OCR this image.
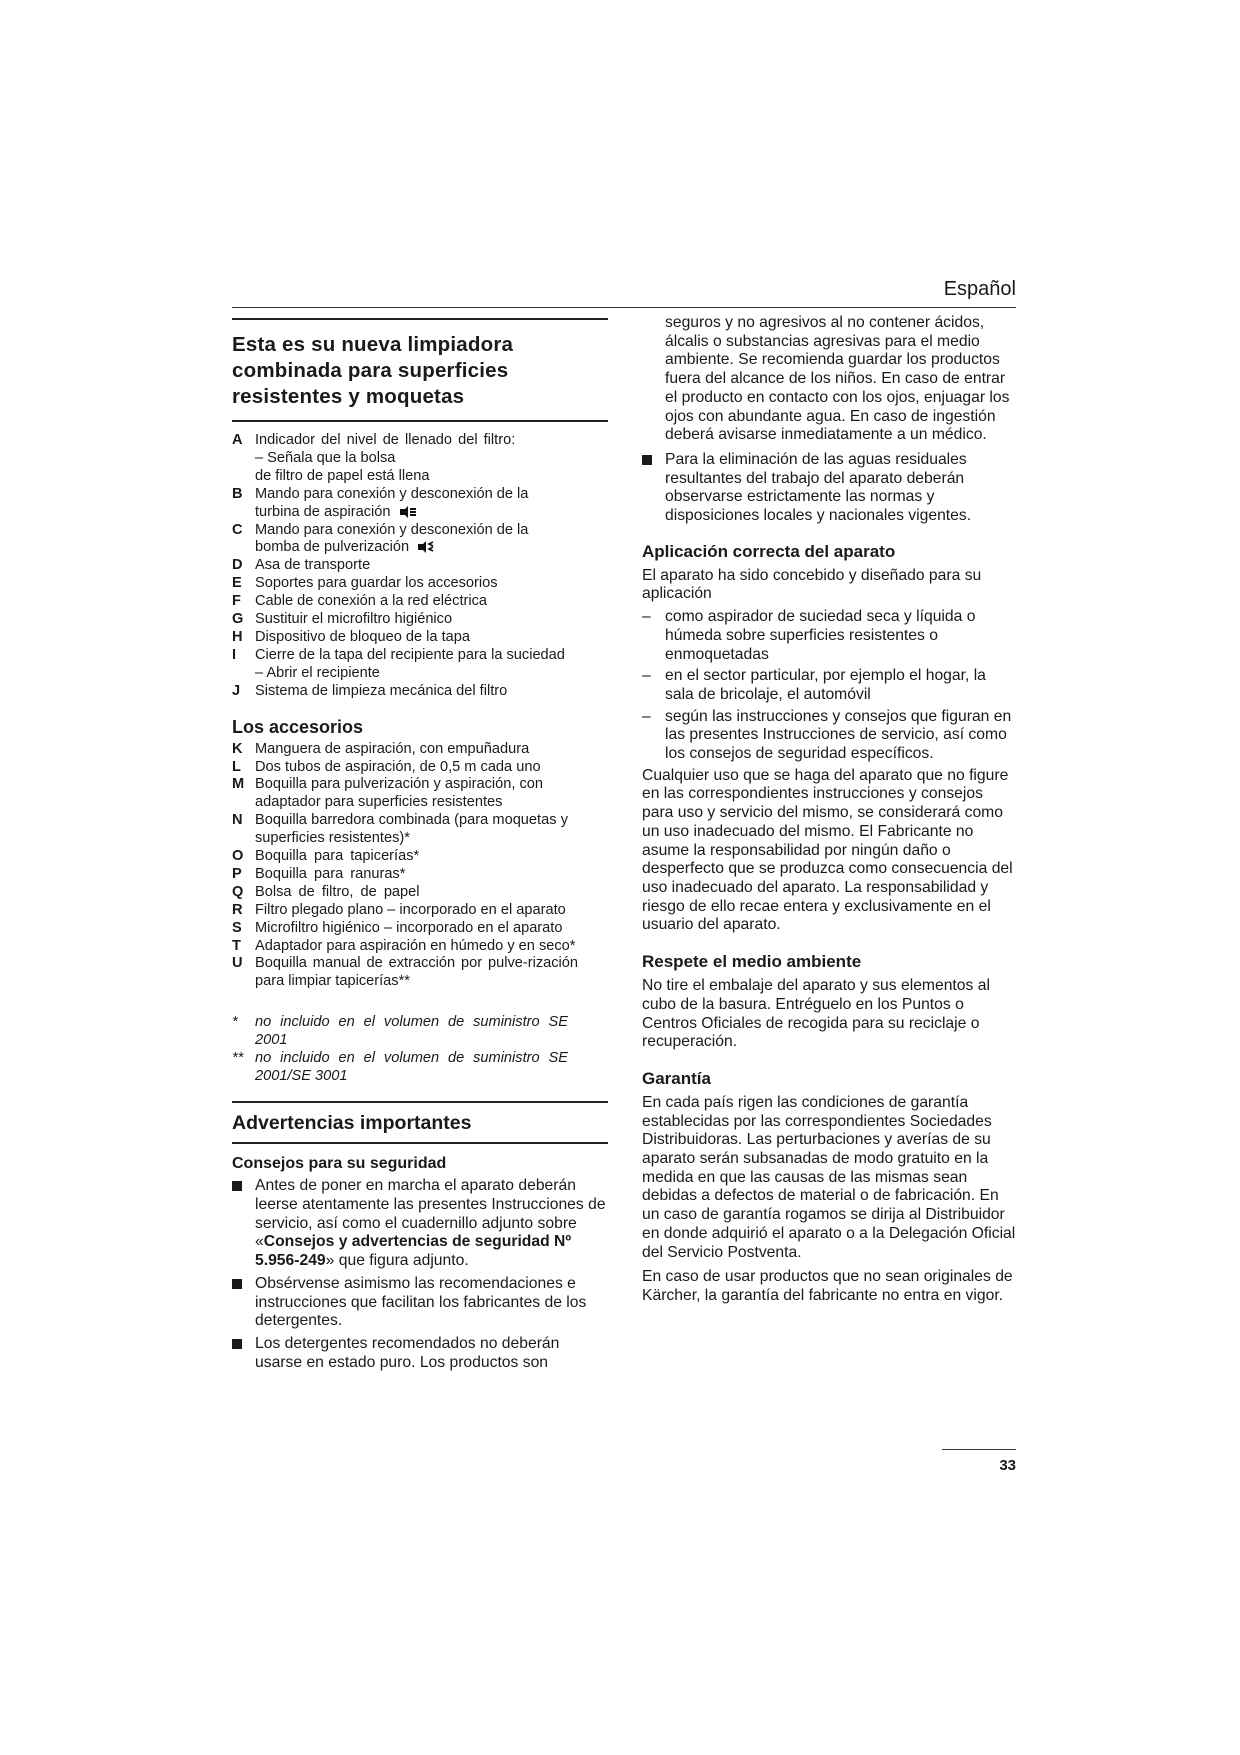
Español
Esta es su nueva limpiadora combinada para superficies resistentes y moquetas
A Indicador del nivel de llenado del filtro:
– Señala que la bolsa
de filtro de papel está llena
B Mando para conexión y desconexión de la
turbina de aspiración
C Mando para conexión y desconexión de la
bomba de pulverización
D Asa de transporte
E Soportes para guardar los accesorios
F Cable de conexión a la red eléctrica
G Sustituir el microfiltro higiénico
H Dispositivo de bloqueo de la tapa
I	Cierre de la tapa del recipiente para la suciedad
– Abrir el recipiente
J	Sistema de limpieza mecánica del filtro
Los accesorios
K Manguera de aspiración, con empuñadura
L Dos tubos de aspiración, de 0,5 m cada uno
M Boquilla para pulverización y aspiración, con adaptador para superficies resistentes
N Boquilla barredora combinada (para moquetas y superficies resistentes)*
O Boquilla para tapicerías*
P Boquilla para ranuras*
Q Bolsa de filtro, de papel
R Filtro plegado plano – incorporado en el aparato
S Microfiltro higiénico – incorporado en el aparato
T Adaptador para aspiración en húmedo y en seco*
U Boquilla manual de extracción por pulve-rización para limpiar tapicerías**
*	no incluido en el volumen de suministro SE 2001
** no incluido en el volumen de suministro SE 2001/SE 3001
Advertencias importantes
Consejos para su seguridad
Antes de poner en marcha el aparato deberán leerse atentamente las presentes Instrucciones de servicio, así como el cuadernillo adjunto sobre «Consejos y advertencias de seguridad Nº 5.956-249» que figura adjunto.
Obsérvense asimismo las recomendaciones e instrucciones que facilitan los fabricantes de los detergentes.
Los detergentes recomendados no deberán usarse en estado puro. Los productos son
seguros y no agresivos al no contener ácidos, álcalis o substancias agresivas para el medio ambiente. Se recomienda guardar los productos fuera del alcance de los niños. En caso de entrar el producto en contacto con los ojos, enjuagar los ojos con abundante agua. En caso de ingestión deberá avisarse inmediatamente a un médico.
Para la eliminación de las aguas residuales resultantes del trabajo del aparato deberán observarse estrictamente las normas y disposiciones locales y nacionales vigentes.
Aplicación correcta del aparato
El aparato ha sido concebido y diseñado para su aplicación
– como aspirador de suciedad seca y líquida o húmeda sobre superficies resistentes o enmoquetadas
– en el sector particular, por ejemplo el hogar, la sala de bricolaje, el automóvil
– según las instrucciones y consejos que figuran en las presentes Instrucciones de servicio, así como los consejos de seguridad específicos.
Cualquier uso que se haga del aparato que no figure en las correspondientes instrucciones y consejos para uso y servicio del mismo, se considerará como un uso inadecuado del mismo. El Fabricante no asume la responsabilidad por ningún daño o desperfecto que se produzca como consecuencia del uso inadecuado del aparato. La responsabilidad y riesgo de ello recae entera y exclusivamente en el usuario del aparato.
Respete el medio ambiente
No tire el embalaje del aparato y sus elementos al cubo de la basura. Entréguelo en los Puntos o Centros Oficiales de recogida para su reciclaje o recuperación.
Garantía
En cada país rigen las condiciones de garantía establecidas por las correspondientes Sociedades Distribuidoras. Las perturbaciones y averías de su aparato serán subsanadas de modo gratuito en la medida en que las causas de las mismas sean debidas a defectos de material o de fabricación. En un caso de garantía rogamos se dirija al Distribuidor en donde adquirió el aparato o a la Delegación Oficial del Servicio Postventa.
En caso de usar productos que no sean originales de Kärcher, la garantía del fabricante no entra en vigor.
33
